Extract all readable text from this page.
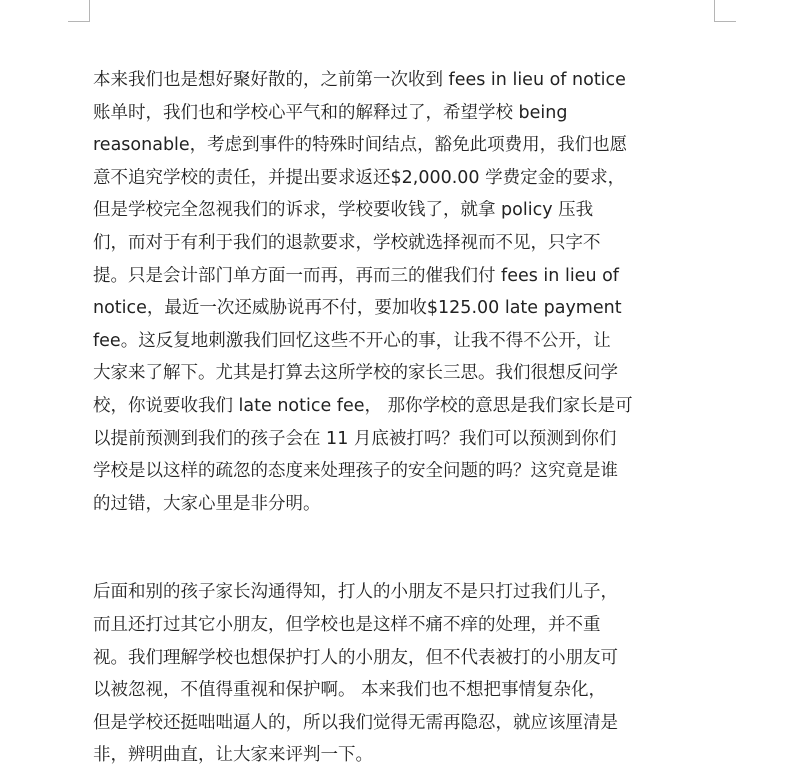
本来我们也是想好聚好散的，之前第一次收到 fees in lieu of notice
账单时，我们也和学校心平气和的解释过了，希望学校 being
reasonable，考虑到事件的特殊时间结点，豁免此项费用，我们也愿
意不追究学校的责任，并提出要求返还$2,000.00 学费定金的要求，
但是学校完全忽视我们的诉求，学校要收钱了，就拿 policy 压我
们，而对于有利于我们的退款要求，学校就选择视而不见，只字不
提。只是会计部门单方面一而再，再而三的催我们付 fees in lieu of
notice，最近一次还威胁说再不付，要加收$125.00 late payment
fee。这反复地刺激我们回忆这些不开心的事，让我不得不公开，让
大家来了解下。尤其是打算去这所学校的家长三思。我们很想反问学
校，你说要收我们 late notice fee， 那你学校的意思是我们家长是可
以提前预测到我们的孩子会在 11 月底被打吗？我们可以预测到你们
学校是以这样的疏忽的态度来处理孩子的安全问题的吗？这究竟是谁
的过错，大家心里是非分明。
后面和别的孩子家长沟通得知，打人的小朋友不是只打过我们儿子，
而且还打过其它小朋友，但学校也是这样不痛不痒的处理，并不重
视。我们理解学校也想保护打人的小朋友，但不代表被打的小朋友可
以被忽视，不值得重视和保护啊。 本来我们也不想把事情复杂化，
但是学校还挺咄咄逼人的，所以我们觉得无需再隐忍，就应该厘清是
非，辨明曲直，让大家来评判一下。
